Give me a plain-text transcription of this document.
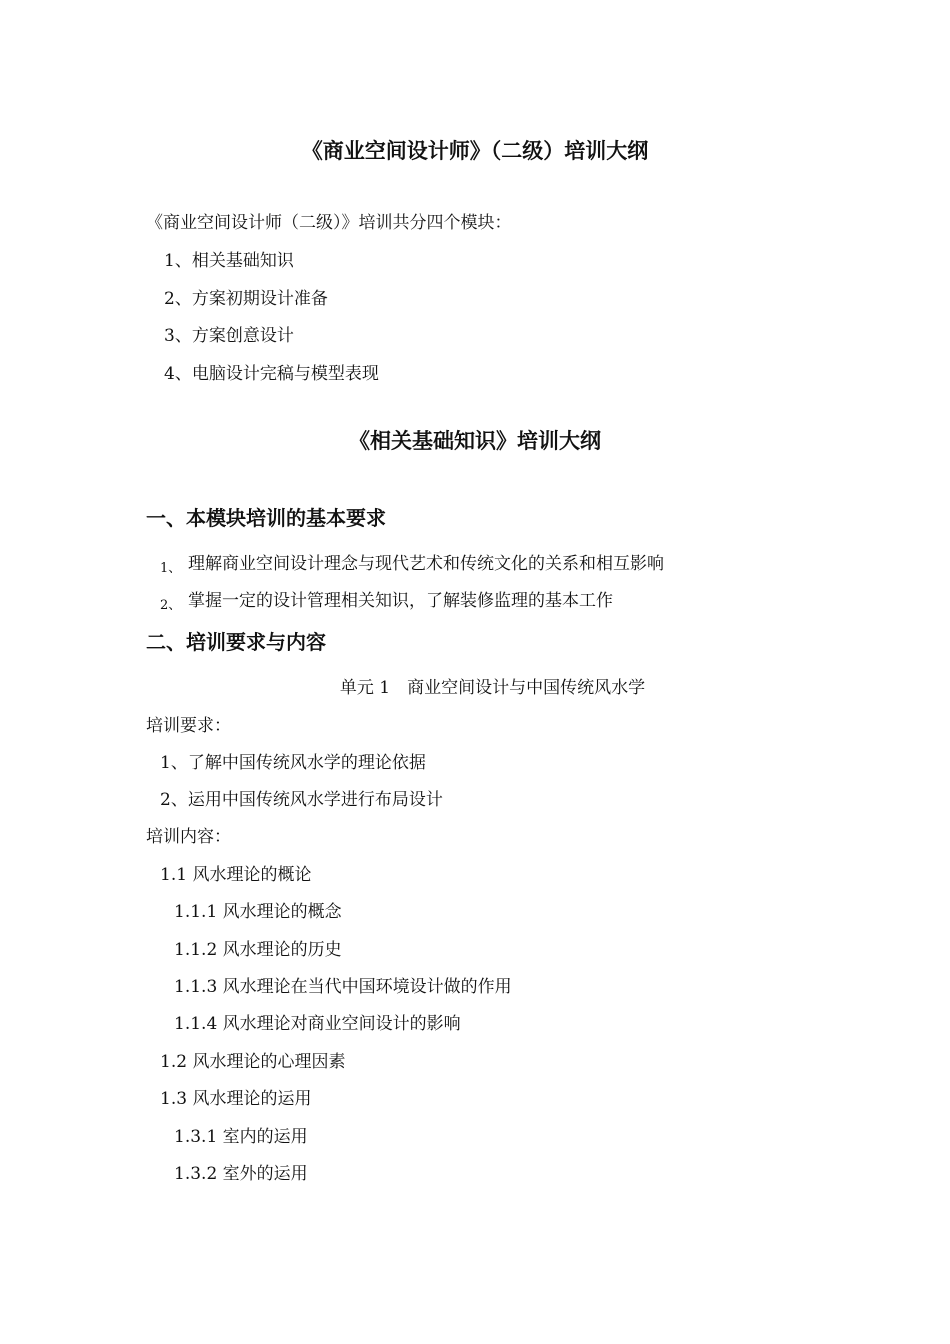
《商业空间设计师》（二级）培训大纲
《商业空间设计师（二级）》培训共分四个模块：
1、相关基础知识
2、方案初期设计准备
3、方案创意设计
4、电脑设计完稿与模型表现
《相关基础知识》培训大纲
一、本模块培训的基本要求
1、 理解商业空间设计理念与现代艺术和传统文化的关系和相互影响
2、 掌握一定的设计管理相关知识，了解装修监理的基本工作
二、培训要求与内容
单元 1　商业空间设计与中国传统风水学
培训要求：
1、了解中国传统风水学的理论依据
2、运用中国传统风水学进行布局设计
培训内容：
1.1 风水理论的概论
1.1.1 风水理论的概念
1.1.2 风水理论的历史
1.1.3 风水理论在当代中国环境设计做的作用
1.1.4 风水理论对商业空间设计的影响
1.2 风水理论的心理因素
1.3 风水理论的运用
1.3.1 室内的运用
1.3.2 室外的运用
